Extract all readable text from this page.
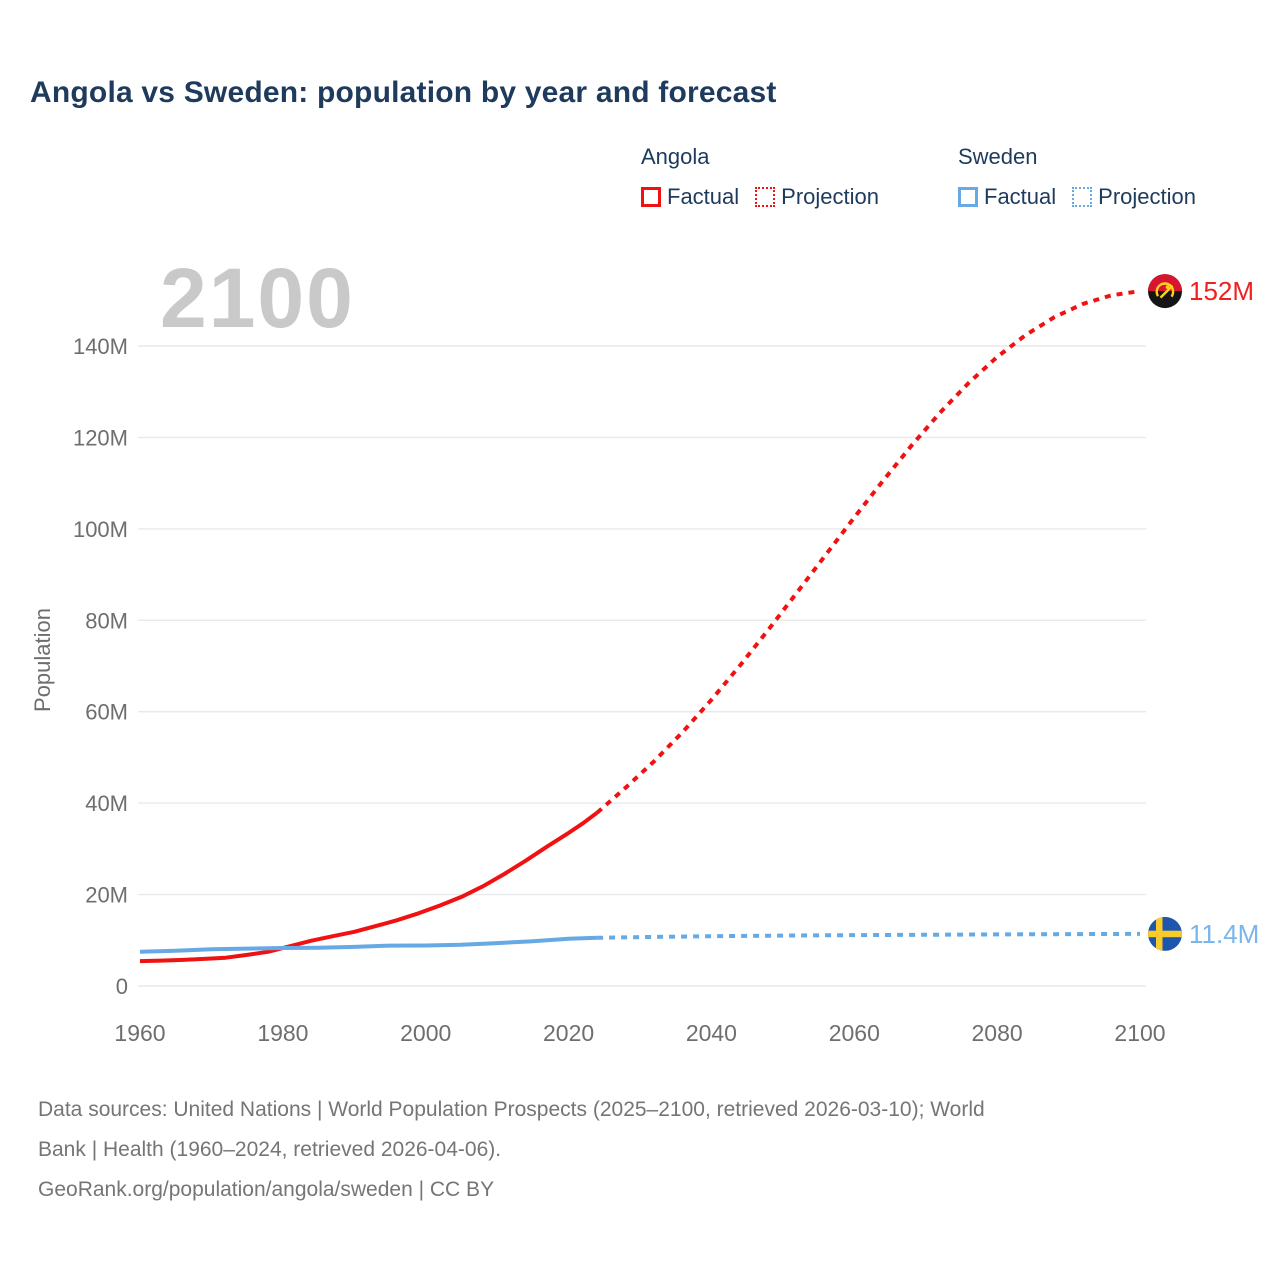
Angola vs Sweden: population by year and forecast
Angola
Factual Projection
Sweden
Factual Projection
2100
Population
0
20M
40M
60M
80M
100M
120M
140M
1960	1980	2000	2020	2040	2060	2080	2100
152M
11.4M
Data sources: United Nations | World Population Prospects (2025–2100, retrieved 2026-03-10); World
Bank | Health (1960–2024, retrieved 2026-04-06).
GeoRank.org/population/angola/sweden | CC BY
